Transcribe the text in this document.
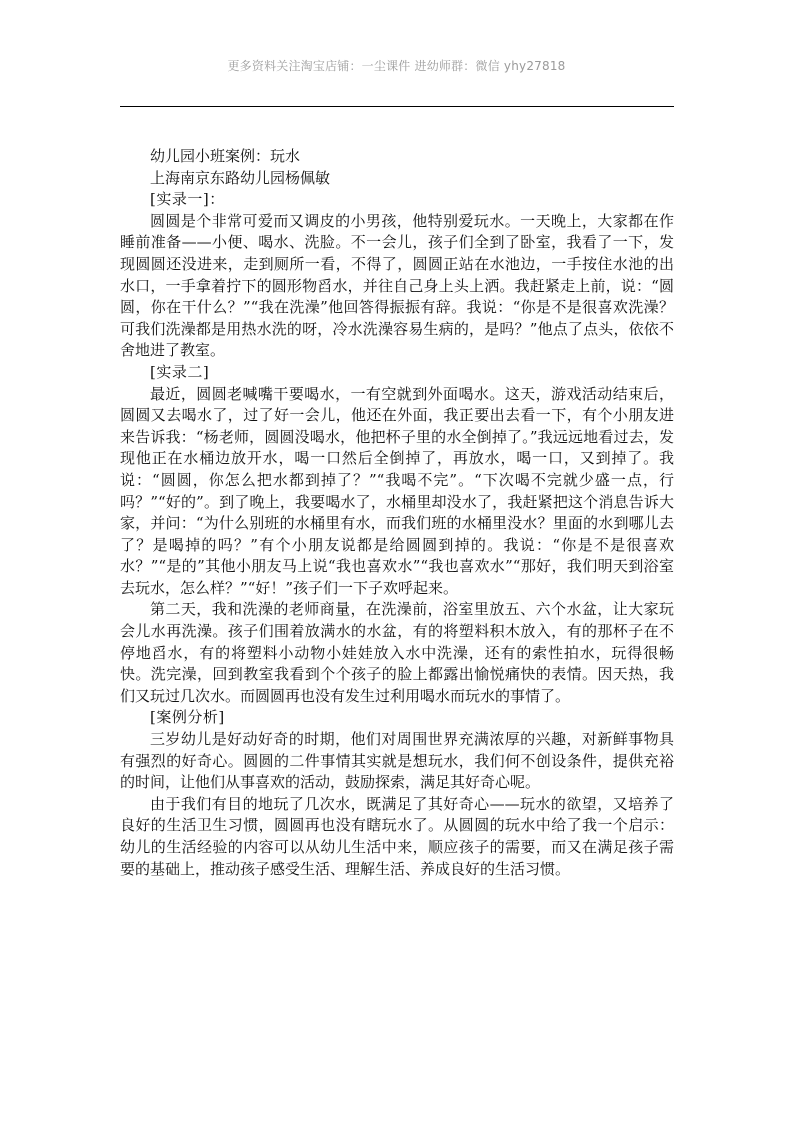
更多资料关注淘宝店铺：一尘课件 进幼师群：微信 yhy27818

幼儿园小班案例：玩水

上海南京东路幼儿园杨佩敏

[实录一]：

圆圆是个非常可爱而又调皮的小男孩，他特别爱玩水。一天晚上，大家都在作睡前准备——小便、喝水、洗脸。不一会儿，孩子们全到了卧室，我看了一下，发现圆圆还没进来，走到厕所一看，不得了，圆圆正站在水池边，一手按住水池的出水口，一手拿着拧下的圆形物舀水，并往自己身上头上洒。我赶紧走上前，说：“圆圆，你在干什么？”“我在洗澡”他回答得振振有辞。我说：“你是不是很喜欢洗澡？可我们洗澡都是用热水洗的呀，冷水洗澡容易生病的，是吗？”他点了点头，依依不舍地进了教室。

[实录二]

最近，圆圆老喊嘴干要喝水，一有空就到外面喝水。这天，游戏活动结束后，圆圆又去喝水了，过了好一会儿，他还在外面，我正要出去看一下，有个小朋友进来告诉我：“杨老师，圆圆没喝水，他把杯子里的水全倒掉了。”我远远地看过去，发现他正在水桶边放开水，喝一口然后全倒掉了，再放水，喝一口，又到掉了。我说：“圆圆，你怎么把水都到掉了？”“我喝不完”。“下次喝不完就少盛一点，行吗？”“好的”。到了晚上，我要喝水了，水桶里却没水了，我赶紧把这个消息告诉大家，并问：“为什么别班的水桶里有水，而我们班的水桶里没水？里面的水到哪儿去了？是喝掉的吗？”有个小朋友说都是给圆圆到掉的。我说：“你是不是很喜欢水？”“是的”其他小朋友马上说“我也喜欢水”“我也喜欢水”“那好，我们明天到浴室去玩水，怎么样？”“好！”孩子们一下子欢呼起来。

第二天，我和洗澡的老师商量，在洗澡前，浴室里放五、六个水盆，让大家玩会儿水再洗澡。孩子们围着放满水的水盆，有的将塑料积木放入，有的那杯子在不停地舀水，有的将塑料小动物小娃娃放入水中洗澡，还有的索性拍水，玩得很畅快。洗完澡，回到教室我看到个个孩子的脸上都露出愉悦痛快的表情。因天热，我们又玩过几次水。而圆圆再也没有发生过利用喝水而玩水的事情了。

[案例分析]

三岁幼儿是好动好奇的时期，他们对周围世界充满浓厚的兴趣，对新鲜事物具有强烈的好奇心。圆圆的二件事情其实就是想玩水，我们何不创设条件，提供充裕的时间，让他们从事喜欢的活动，鼓励探索，满足其好奇心呢。

由于我们有目的地玩了几次水，既满足了其好奇心——玩水的欲望，又培养了良好的生活卫生习惯，圆圆再也没有瞎玩水了。从圆圆的玩水中给了我一个启示：幼儿的生活经验的内容可以从幼儿生活中来，顺应孩子的需要，而又在满足孩子需要的基础上，推动孩子感受生活、理解生活、养成良好的生活习惯。
